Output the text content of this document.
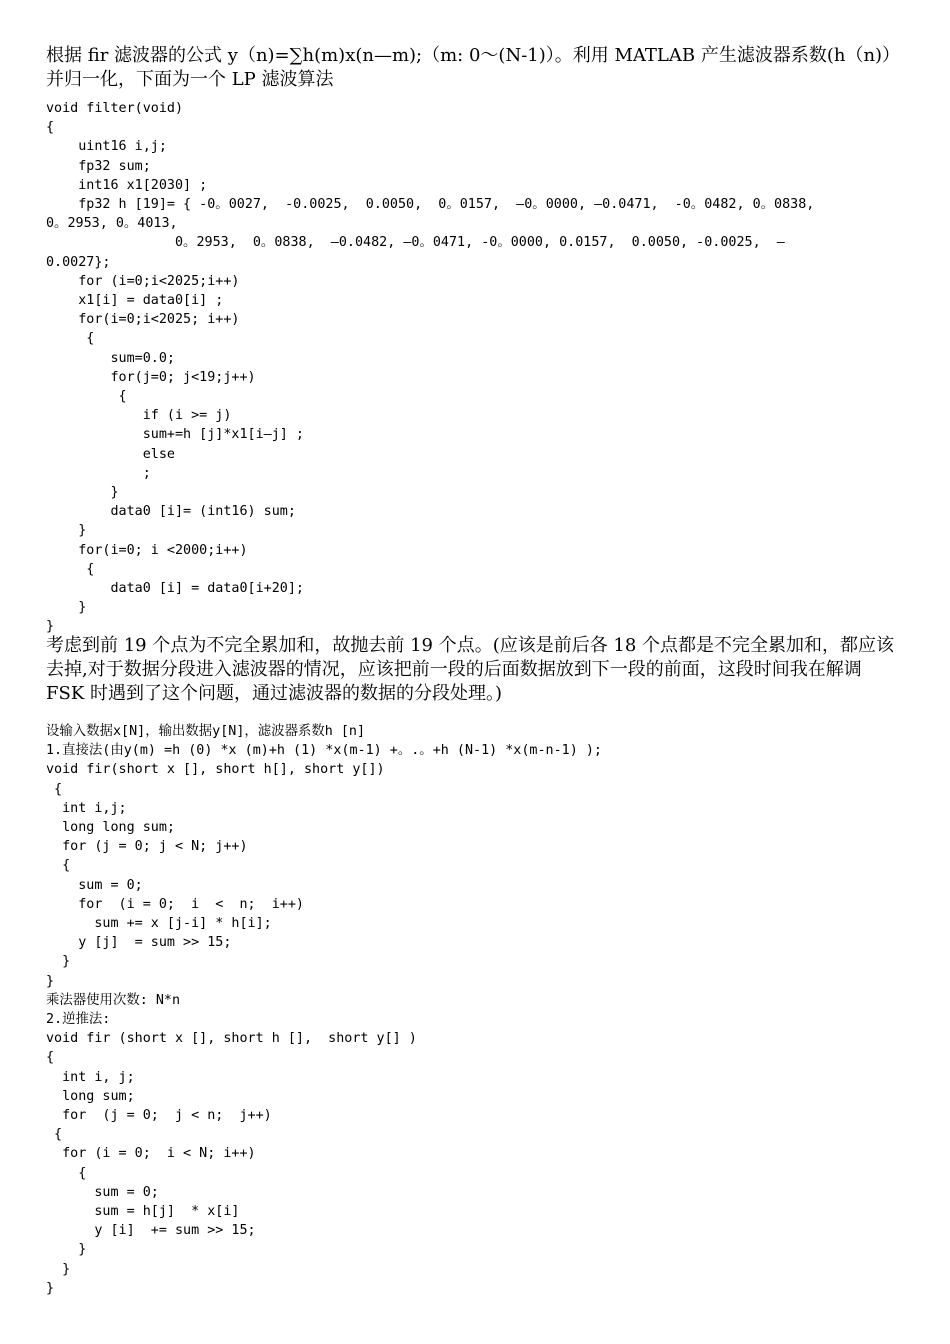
根据 fir 滤波器的公式 y（n)=∑h(m)x(n—m);（m: 0～(N-1)）。利用 MATLAB 产生滤波器系数(h（n)）并归一化，下面为一个 LP 滤波算法

void filter(void)
{
uint16 i,j;
fp32 sum;
int16 x1[2030] ;
fp32 h [19]= { -0。0027,  -0.0025,  0.0050,  0。0157,  —0。0000, —0.0471,  -0。0482, 0。0838,
0。2953, 0。4013,
0。2953,  0。0838,  —0.0482, —0。0471, -0。0000, 0.0157,  0.0050, -0.0025,  —
0.0027};
for (i=0;i<2025;i++)
x1[i] = data0[i] ;
for(i=0;i<2025; i++)
{
sum=0.0;
for(j=0; j<19;j++)
{
if (i >= j)
sum+=h [j]*x1[i—j] ;
else
;
}
data0 [i]= (int16) sum;
}
for(i=0; i <2000;i++)
{
data0 [i] = data0[i+20];
}
}

考虑到前 19 个点为不完全累加和，故抛去前 19 个点。(应该是前后各 18 个点都是不完全累加和，都应该去掉,对于数据分段进入滤波器的情况，应该把前一段的后面数据放到下一段的前面，这段时间我在解调 FSK 时遇到了这个问题，通过滤波器的数据的分段处理。)

设输入数据x[N]，输出数据y[N]，滤波器系数h [n]
1.直接法(由y(m) =h (0) *x (m)+h (1) *x(m-1) +。.。+h (N-1) *x(m-n-1) );
void fir(short x [], short h[], short y[])
{
int i,j;
long long sum;
for (j = 0; j < N; j++)
{
sum = 0;
for  (i = 0;  i  <  n;  i++)
sum += x [j-i] * h[i];
y [j]  = sum >> 15;
}
}
乘法器使用次数: N*n
2.逆推法:
void fir (short x [], short h [],  short y[] )
{
int i, j;
long sum;
for  (j = 0;  j < n;  j++)
{
for (i = 0;  i < N; i++)
{
sum = 0;
sum = h[j]  * x[i]
y [i]  += sum >> 15;
}
}
}
